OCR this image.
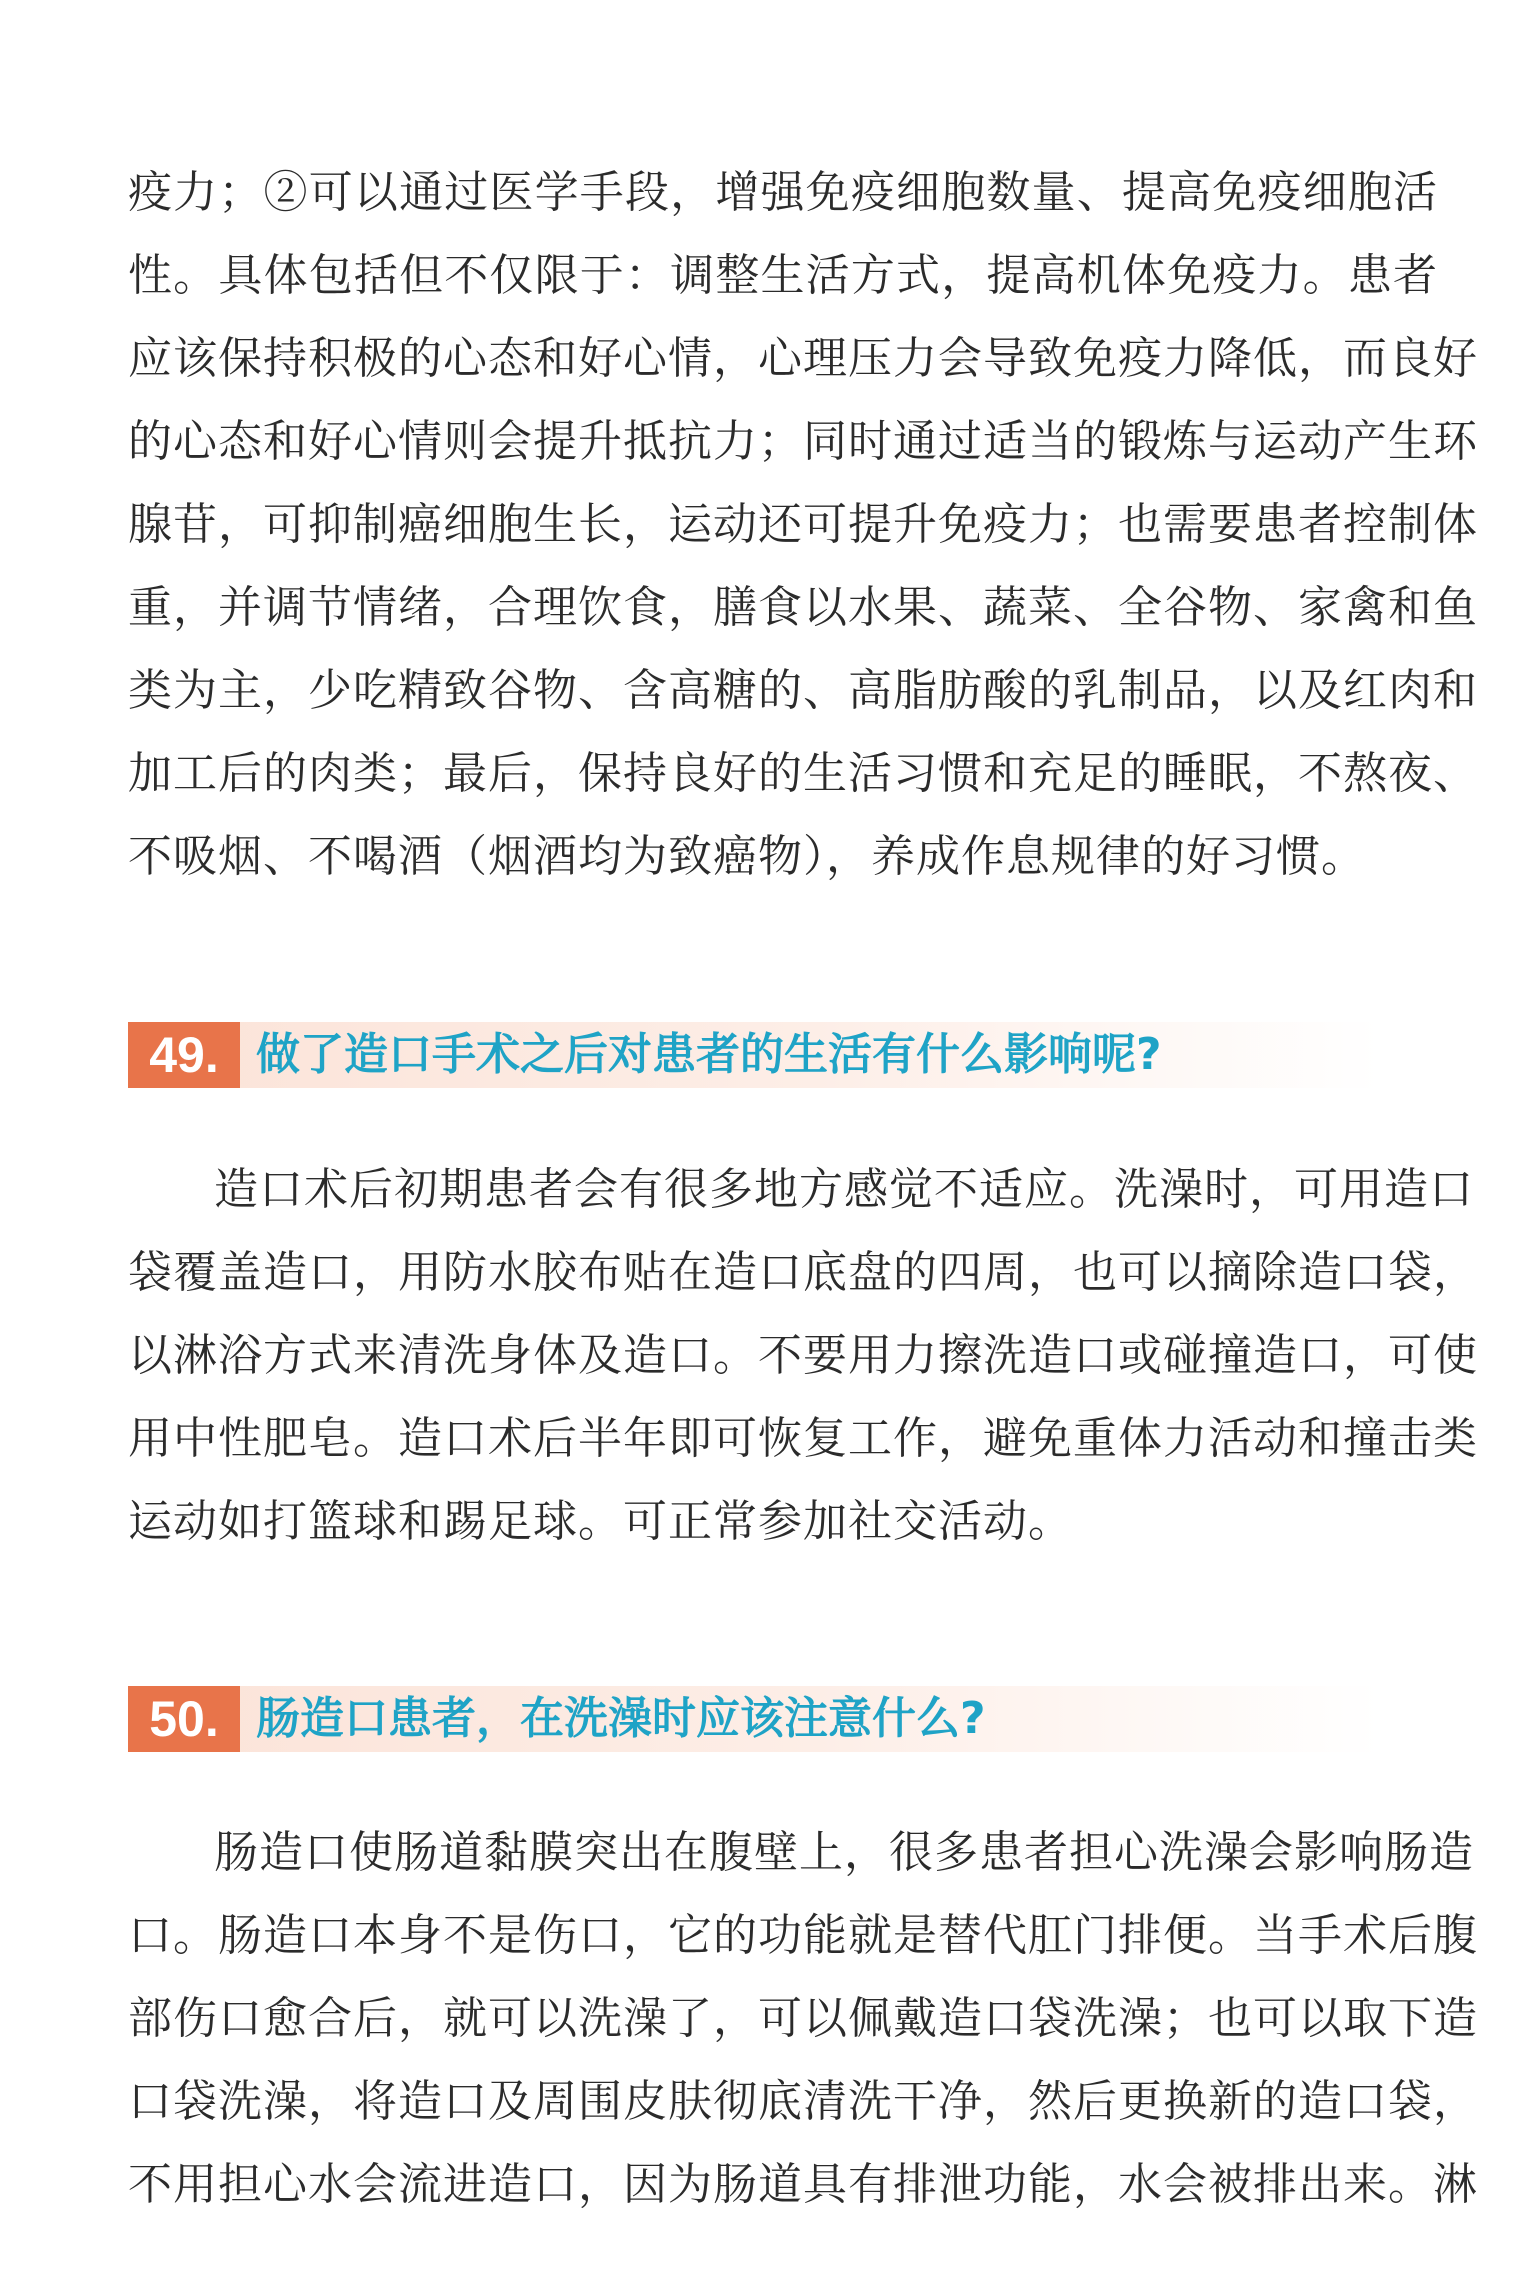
疫力；②可以通过医学手段，增强免疫细胞数量、提高免疫细胞活
性。具体包括但不仅限于：调整生活方式，提高机体免疫力。患者
应该保持积极的心态和好心情，心理压力会导致免疫力降低，而良好
的心态和好心情则会提升抵抗力；同时通过适当的锻炼与运动产生环
腺苷，可抑制癌细胞生长，运动还可提升免疫力；也需要患者控制体
重，并调节情绪，合理饮食，膳食以水果、蔬菜、全谷物、家禽和鱼
类为主，少吃精致谷物、含高糖的、高脂肪酸的乳制品，以及红肉和
加工后的肉类；最后，保持良好的生活习惯和充足的睡眠，不熬夜、
不吸烟、不喝酒（烟酒均为致癌物），养成作息规律的好习惯。
49. 做了造口手术之后对患者的生活有什么影响呢?
造口术后初期患者会有很多地方感觉不适应。洗澡时，可用造口
袋覆盖造口，用防水胶布贴在造口底盘的四周，也可以摘除造口袋，
以淋浴方式来清洗身体及造口。不要用力擦洗造口或碰撞造口，可使
用中性肥皂。造口术后半年即可恢复工作，避免重体力活动和撞击类
运动如打篮球和踢足球。可正常参加社交活动。
50. 肠造口患者，在洗澡时应该注意什么?
肠造口使肠道黏膜突出在腹壁上，很多患者担心洗澡会影响肠造
口。肠造口本身不是伤口，它的功能就是替代肛门排便。当手术后腹
部伤口愈合后，就可以洗澡了，可以佩戴造口袋洗澡；也可以取下造
口袋洗澡，将造口及周围皮肤彻底清洗干净，然后更换新的造口袋，
不用担心水会流进造口，因为肠道具有排泄功能，水会被排出来。淋
